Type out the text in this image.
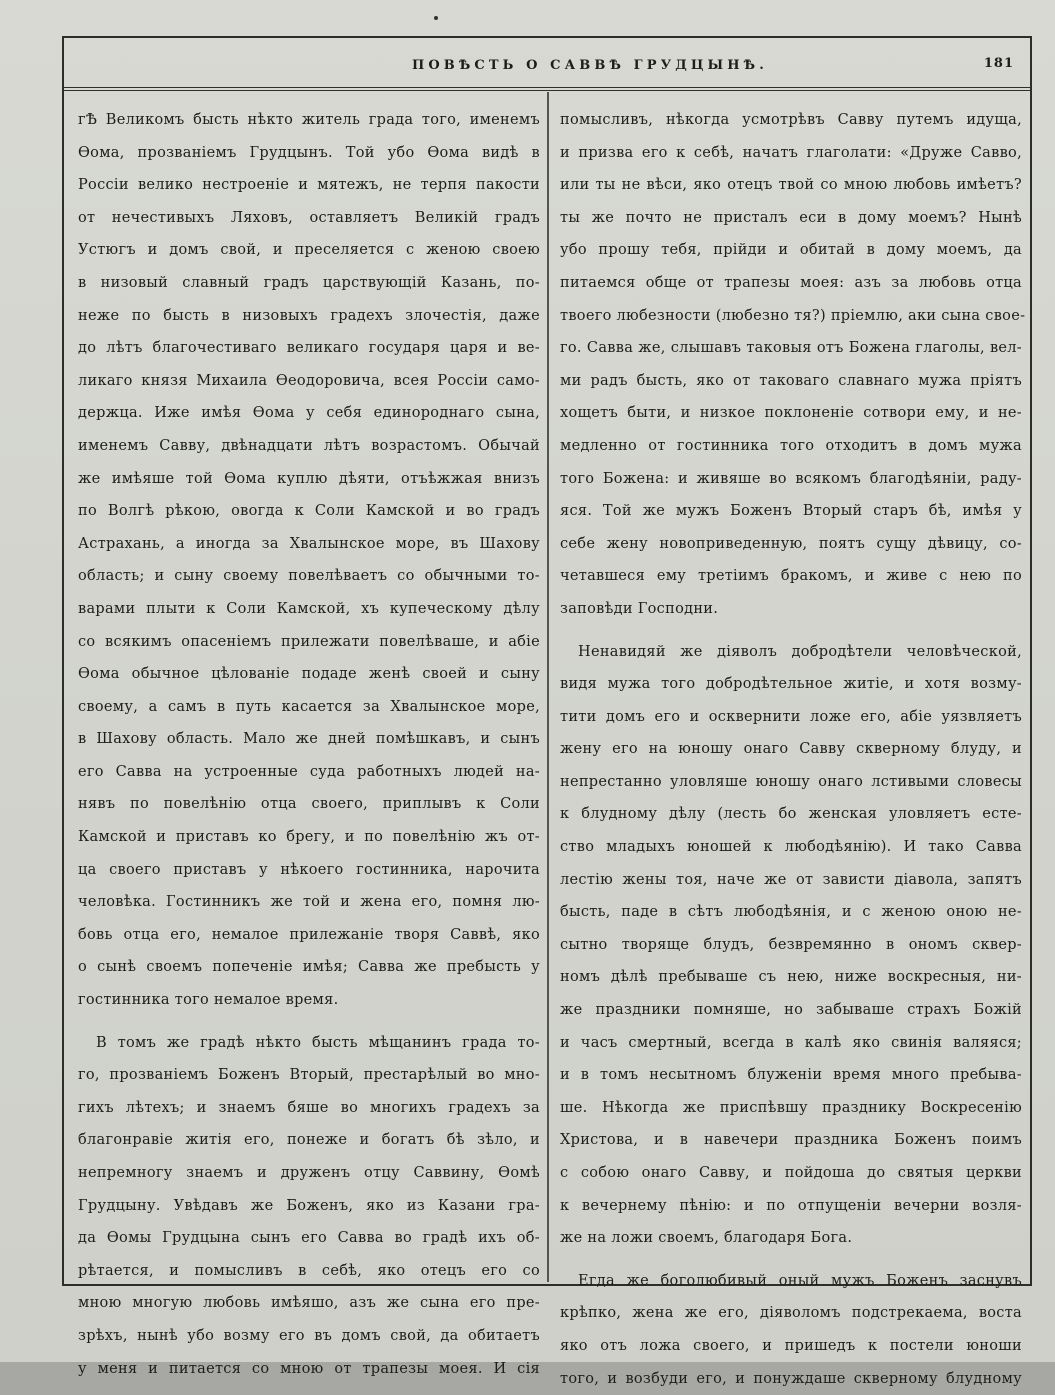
ПОВѢСТЬ О САВВѢ ГРУДЦЫНѢ.	181
гѢ Великомъ бысть нѣкто житель града того, именемъ
Ѳома, прозваніемъ Грудцынъ. Той убо Ѳома видѣ в
Россіи велико нестроеніе и мятежъ, не терпя пакости
от нечестивыхъ Ляховъ, оставляетъ Великій градъ
Устюгъ и домъ свой, и преселяется с женою своею
в низовый славный градъ царствующій Казань, по-
неже по бысть в низовыхъ градехъ злочестія, даже
до лѣтъ благочестиваго великаго государя царя и ве-
ликаго князя Михаила Ѳеодоровича, всея Россіи само-
держца. Иже имѣя Ѳома у себя единороднаго сына,
именемъ Савву, двѣнадцати лѣтъ возрастомъ. Обычай
же имѣяше той Ѳома куплю дѣяти, отъѣжжая внизъ
по Волгѣ рѣкою, овогда к Соли Камской и во градъ
Астрахань, а иногда за Хвалынское море, въ Шахову
область; и сыну своему повелѣваетъ со обычными то-
варами плыти к Соли Камской, хъ купеческому дѣлу
со всякимъ опасеніемъ прилежати повелѣваше, и абіе
Ѳома обычное цѣлованіе подаде женѣ своей и сыну
своему, а самъ в путь касается за Хвалынское море,
в Шахову область. Мало же дней помѣшкавъ, и сынъ
его Савва на устроенные суда работныхъ людей на-
нявъ по повелѣнію отца своего, приплывъ к Соли
Камской и приставъ ко брегу, и по повелѣнію жъ от-
ца своего приставъ у нѣкоего гостинника, нарочита
человѣка. Гостинникъ же той и жена его, помня лю-
бовь отца его, немалое прилежаніе творя Саввѣ, яко
о сынѣ своемъ попеченіе имѣя; Савва же пребысть у
гостинника того немалое время.
В томъ же градѣ нѣкто бысть мѣщанинъ града то-
го, прозваніемъ Боженъ Вторый, престарѣлый во мно-
гихъ лѣтехъ; и знаемъ бяше во многихъ градехъ за
благонравіе житія его, понеже и богатъ бѣ зѣло, и
непремногу знаемъ и друженъ отцу Саввину, Ѳомѣ
Грудцыну. Увѣдавъ же Боженъ, яко из Казани гра-
да Ѳомы Грудцына сынъ его Савва во градѣ ихъ об-
рѣтается, и помысливъ в себѣ, яко отецъ его со
мною многую любовь имѣяшо, азъ же сына его пре-
зрѣхъ, нынѣ убо возму его въ домъ свой, да обитаетъ
у меня и питается со мною от трапезы моея. И сія
помысливъ, нѣкогда усмотрѣвъ Савву путемъ идуща,
и призва его к себѣ, начатъ глаголати: «Друже Савво,
или ты не вѣси, яко отецъ твой со мною любовь имѣетъ?
ты же почто не присталъ еси в дому моемъ? Нынѣ
убо прошу тебя, прійди и обитай в дому моемъ, да
питаемся обще от трапезы моея: азъ за любовь отца
твоего любезности (любезно тя?) пріемлю, аки сына свое-
го. Савва же, слышавъ таковыя отъ Божена глаголы, вел-
ми радъ бысть, яко от таковаго славнаго мужа пріятъ
хощетъ быти, и низкое поклоненіе сотвори ему, и не-
медленно от гостинника того отходитъ в домъ мужа
того Божена: и живяше во всякомъ благодѣяніи, раду-
яся. Той же мужъ Боженъ Вторый старъ бѣ, имѣя у
себе жену новоприведенную, поятъ сущу дѣвицу, со-
четавшеся ему третіимъ бракомъ, и живе с нею по
заповѣди Господни.
Ненавидяй же діяволъ добродѣтели человѣческой,
видя мужа того добродѣтельное житіе, и хотя возму-
тити домъ его и осквернити ложе его, абіе уязвляетъ
жену его на юношу онаго Савву скверному блуду, и
непрестанно уловляше юношу онаго лстивыми словесы
к блудному дѣлу (лесть бо женская уловляетъ есте-
ство младыхъ юношей к любодѣянію). И тако Савва
лестію жены тоя, наче же от зависти діавола, запятъ
бысть, паде в сѣтъ любодѣянія, и с женою оною не-
сытно творяще блудъ, безвремянно в ономъ сквер-
номъ дѣлѣ пребываше съ нею, ниже воскресныя, ни-
же праздники помняше, но забываше страхъ Божій
и часъ смертный, всегда в калѣ яко свинія валяяся;
и в томъ несытномъ блуженіи время много пребыва-
ше. Нѣкогда же приспѣвшу празднику Воскресенію
Христова, и в навечери праздника Боженъ поимъ
с собою онаго Савву, и пойдоша до святыя церкви
к вечернему пѣнію: и по отпущеніи вечерни возля-
же на ложи своемъ, благодаря Бога.
Егда же боголюбивый оный мужъ Боженъ заснувъ
крѣпко, жена же его, діяволомъ подстрекаема, воста
яко отъ ложа своего, и пришедъ к постели юноши
того, и возбуди его, и понуждаше скверному блудному
